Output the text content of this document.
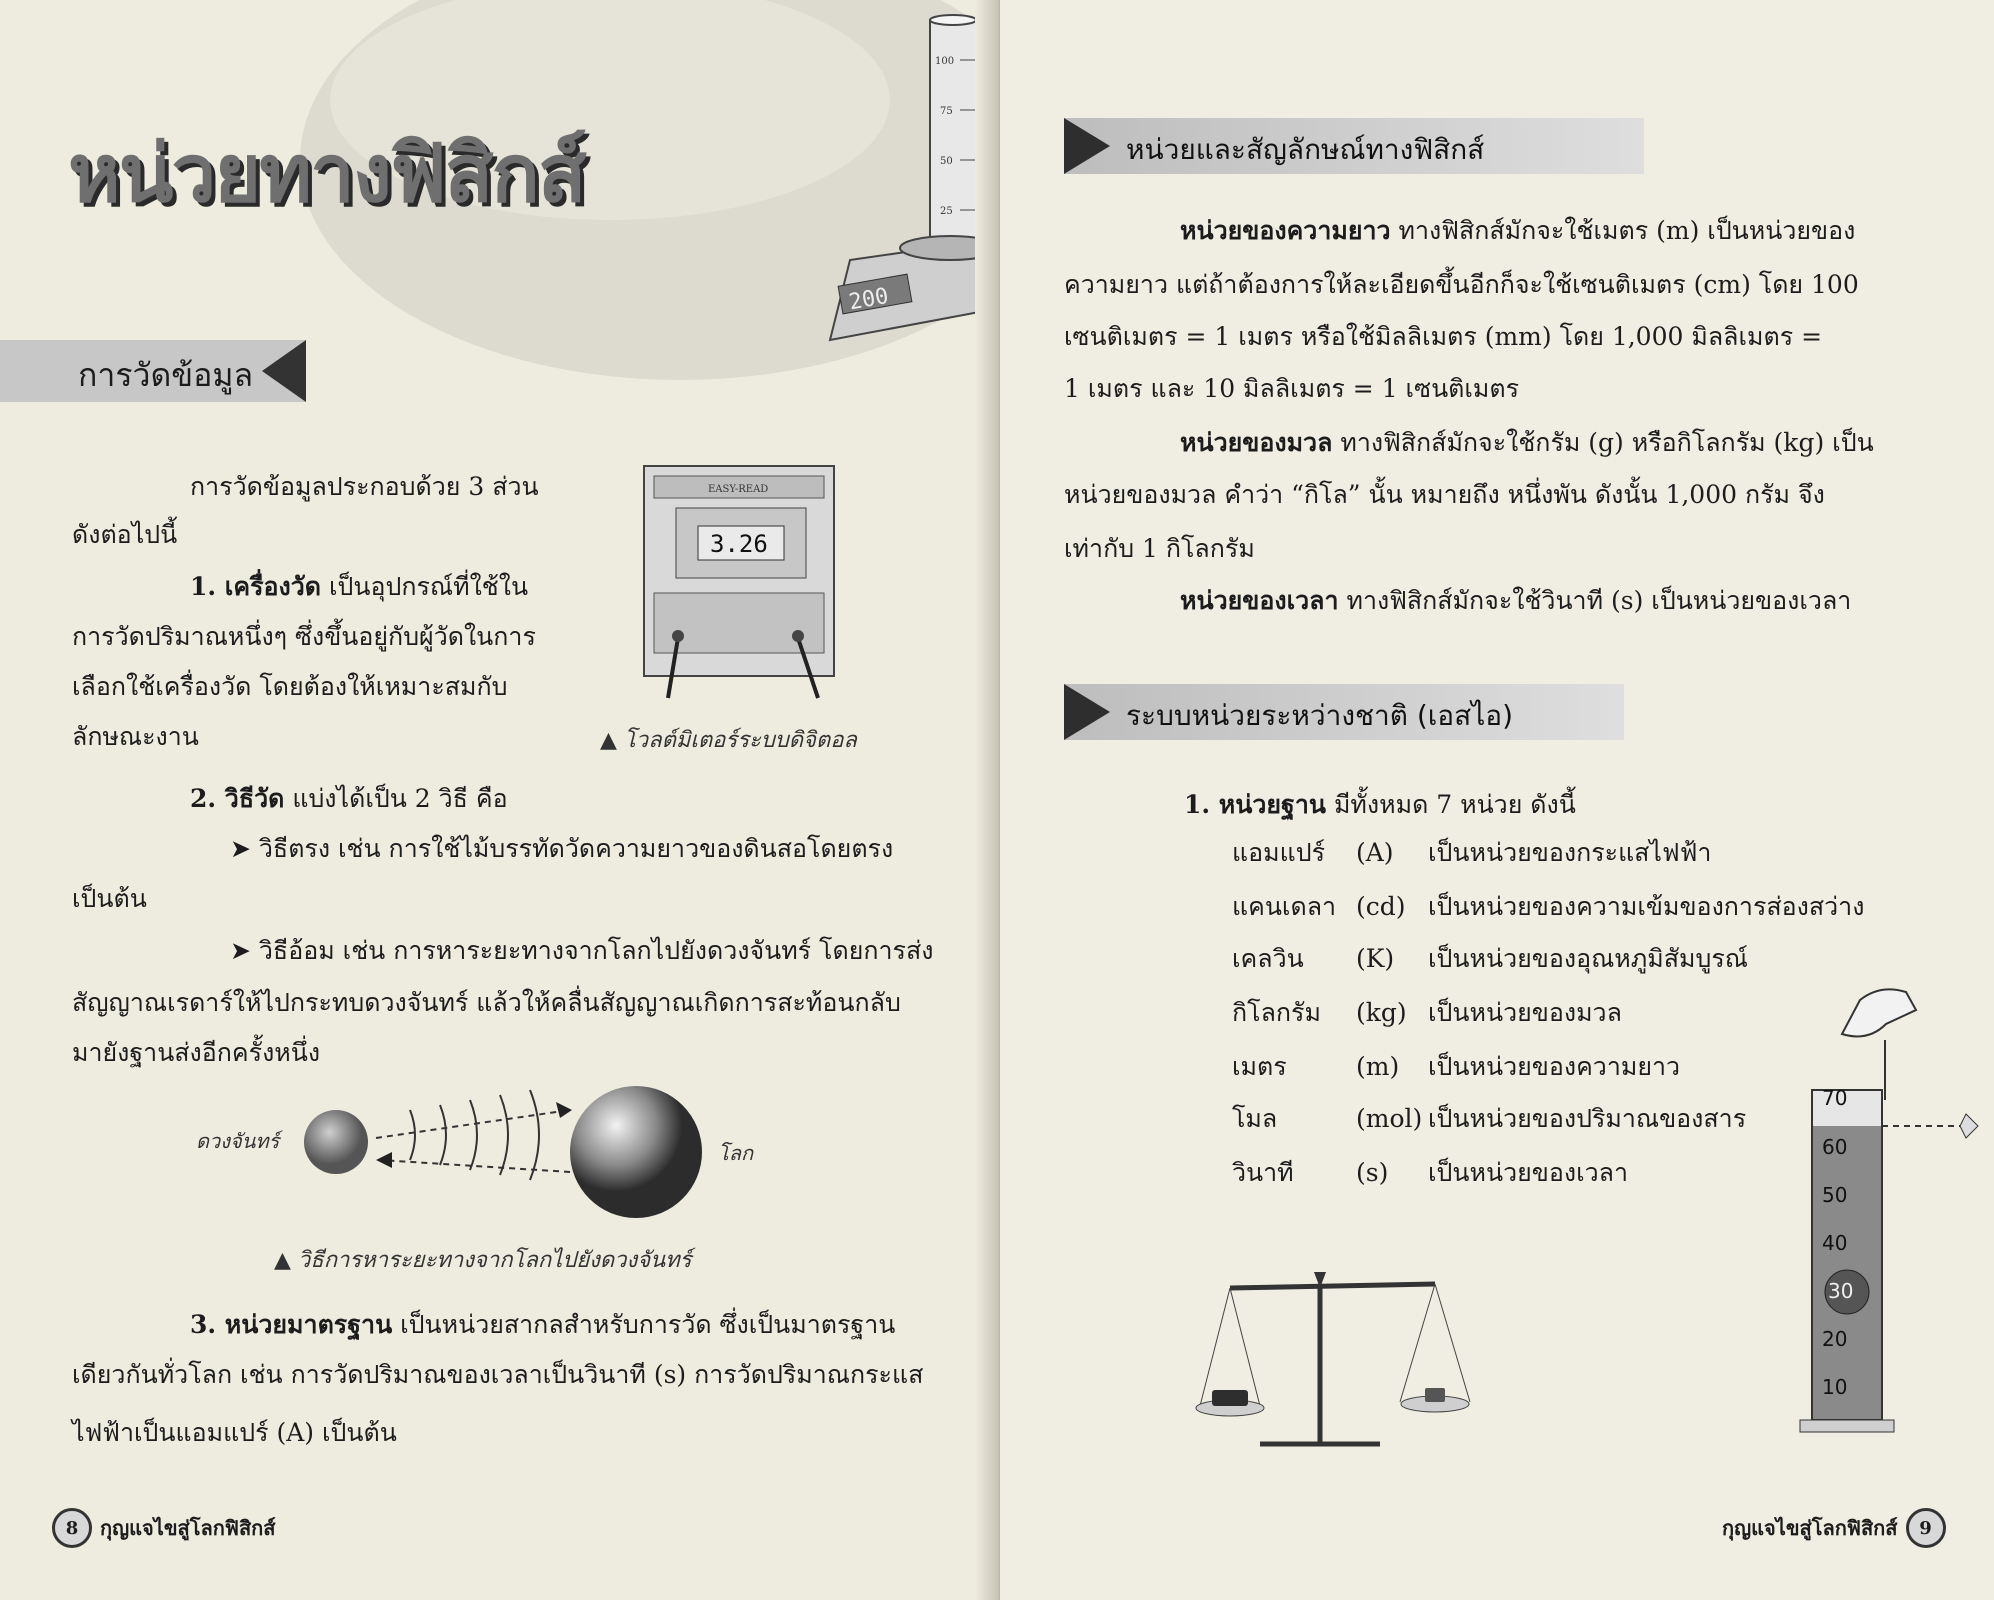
100
75
50
25
200
หน่วยทางฟิสิกส์
การวัดข้อมูล
การวัดข้อมูลประกอบด้วย 3 ส่วน
ดังต่อไปนี้
1. เครื่องวัด เป็นอุปกรณ์ที่ใช้ใน
การวัดปริมาณหนึ่งๆ ซึ่งขึ้นอยู่กับผู้วัดในการ
เลือกใช้เครื่องวัด โดยต้องให้เหมาะสมกับ
ลักษณะงาน
EASY-READ
3.26
▲ โวลต์มิเตอร์ระบบดิจิตอล
2. วิธีวัด แบ่งได้เป็น 2 วิธี คือ
➤ วิธีตรง เช่น การใช้ไม้บรรทัดวัดความยาวของดินสอโดยตรง
เป็นต้น
➤ วิธีอ้อม เช่น การหาระยะทางจากโลกไปยังดวงจันทร์ โดยการส่ง
สัญญาณเรดาร์ให้ไปกระทบดวงจันทร์ แล้วให้คลื่นสัญญาณเกิดการสะท้อนกลับ
มายังฐานส่งอีกครั้งหนึ่ง
ดวงจันทร์	โลก
▲ วิธีการหาระยะทางจากโลกไปยังดวงจันทร์
3. หน่วยมาตรฐาน เป็นหน่วยสากลสำหรับการวัด ซึ่งเป็นมาตรฐาน
เดียวกันทั่วโลก เช่น การวัดปริมาณของเวลาเป็นวินาที (s) การวัดปริมาณกระแส
ไฟฟ้าเป็นแอมแปร์ (A) เป็นต้น
8	กุญแจไขสู่โลกฟิสิกส์
หน่วยและสัญลักษณ์ทางฟิสิกส์
หน่วยของความยาว ทางฟิสิกส์มักจะใช้เมตร (m) เป็นหน่วยของ
ความยาว แต่ถ้าต้องการให้ละเอียดขึ้นอีกก็จะใช้เซนติเมตร (cm) โดย 100
เซนติเมตร = 1 เมตร หรือใช้มิลลิเมตร (mm) โดย 1,000 มิลลิเมตร =
1 เมตร และ 10 มิลลิเมตร = 1 เซนติเมตร
หน่วยของมวล ทางฟิสิกส์มักจะใช้กรัม (g) หรือกิโลกรัม (kg) เป็น
หน่วยของมวล คำว่า “กิโล” นั้น หมายถึง หนึ่งพัน ดังนั้น 1,000 กรัม จึง
เท่ากับ 1 กิโลกรัม
หน่วยของเวลา ทางฟิสิกส์มักจะใช้วินาที (s) เป็นหน่วยของเวลา
ระบบหน่วยระหว่างชาติ (เอสไอ)
1. หน่วยฐาน มีทั้งหมด 7 หน่วย ดังนี้
แอมแปร์ (A) เป็นหน่วยของกระแสไฟฟ้า
แคนเดลา (cd) เป็นหน่วยของความเข้มของการส่องสว่าง
เคลวิน (K) เป็นหน่วยของอุณหภูมิสัมบูรณ์
กิโลกรัม (kg) เป็นหน่วยของมวล
เมตร	(m) เป็นหน่วยของความยาว
โมล	(mol) เป็นหน่วยของปริมาณของสาร
วินาที (s) เป็นหน่วยของเวลา
70
60
50
40
30
20
10
กุญแจไขสู่โลกฟิสิกส์	9
